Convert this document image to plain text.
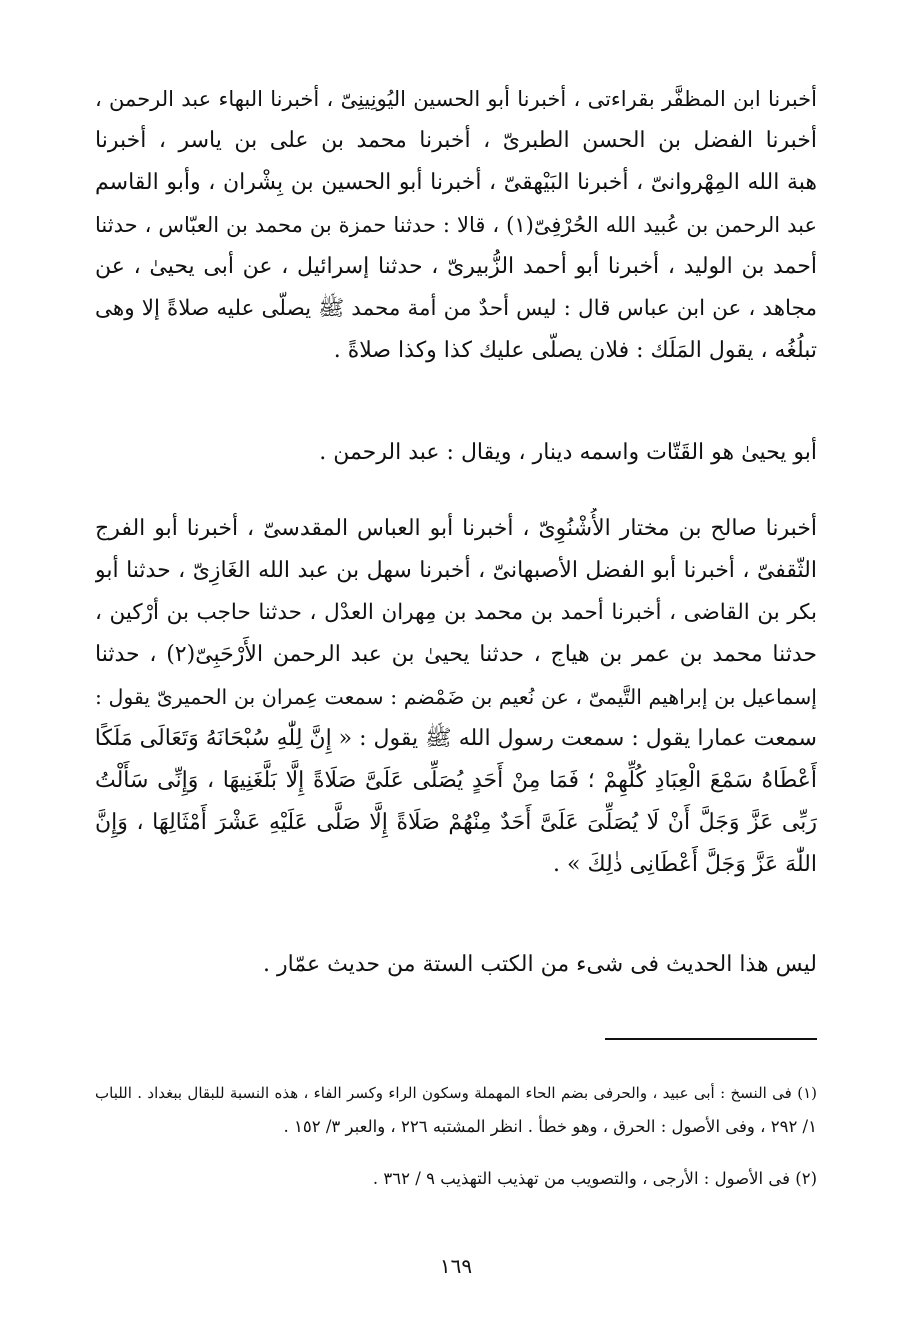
أخبرنا ابن المظفَّر بقراءتى ، أخبرنا أبو الحسين اليُونِينِىّ ، أخبرنا البهاء عبد الرحمن ،
أخبرنا الفضل بن الحسن الطبرىّ ، أخبرنا محمد بن على بن ياسر ، أخبرنا
هبة الله المِهْروانىّ ، أخبرنا البَيْهقىّ ، أخبرنا أبو الحسين بن بِشْران ، وأبو القاسم
عبد الرحمن بن عُبيد الله الحُرْفِىّ(١) ، قالا : حدثنا حمزة بن محمد بن العبّاس ، حدثنا
أحمد بن الوليد ، أخبرنا أبو أحمد الزُّبيرىّ ، حدثنا إسرائيل ، عن أبى يحيىٰ ، عن
مجاهد ، عن ابن عباس قال : ليس أحدٌ من أمة محمد ﷺ يصلّى عليه صلاةً إلا وهى
تبلُغُه ، يقول المَلَك : فلان يصلّى عليك كذا وكذا صلاةً .
أبو يحيىٰ هو القَتّات واسمه دينار ، ويقال : عبد الرحمن .
أخبرنا صالح بن مختار الأُشْنُوِىّ ، أخبرنا أبو العباس المقدسىّ ، أخبرنا أبو الفرج
الثّقفىّ ، أخبرنا أبو الفضل الأصبهانىّ ، أخبرنا سهل بن عبد الله الغَازِىّ ، حدثنا أبو
بكر بن القاضى ، أخبرنا أحمد بن محمد بن مِهران العدْل ، حدثنا حاجب بن أرْكين ،
حدثنا محمد بن عمر بن هياج ، حدثنا يحيىٰ بن عبد الرحمن الأَرْحَبِىّ(٢) ، حدثنا
إسماعيل بن إبراهيم التَّيمىّ ، عن نُعيم بن ضَمْضم : سمعت عِمران بن الحميرىّ يقول :
سمعت عمارا يقول : سمعت رسول الله ﷺ يقول : « إِنَّ لِلّٰهِ سُبْحَانَهُ وَتَعَالَى مَلَكًا
أَعْطَاهُ سَمْعَ الْعِبَادِ كُلِّهِمْ ؛ فَمَا مِنْ أَحَدٍ يُصَلِّى عَلَىَّ صَلَاةً إِلَّا بَلَّغَنِيهَا ، وَإِنِّى سَأَلْتُ
رَبِّى عَزَّ وَجَلَّ أَنْ لَا يُصَلِّىَ عَلَىَّ أَحَدٌ مِنْهُمْ صَلَاةً إِلَّا صَلَّى عَلَيْهِ عَشْرَ أَمْثَالِهَا ، وَإِنَّ
اللّٰهَ عَزَّ وَجَلَّ أَعْطَانِى ذٰلِكَ » .
ليس هذا الحديث فى شىء من الكتب الستة من حديث عمّار .
(١) فى النسخ : أبى عبيد ، والحرفى بضم الحاء المهملة وسكون الراء وكسر الفاء ، هذه النسبة للبقال ببغداد . اللباب
١/ ٢٩٢ ، وفى الأصول : الحرق ، وهو خطأ . انظر المشتبه ٢٢٦ ، والعبر ٣/ ١٥٢ .
(٢) فى الأصول : الأرجى ، والتصويب من تهذيب التهذيب ٩ / ٣٦٢ .
١٦٩
